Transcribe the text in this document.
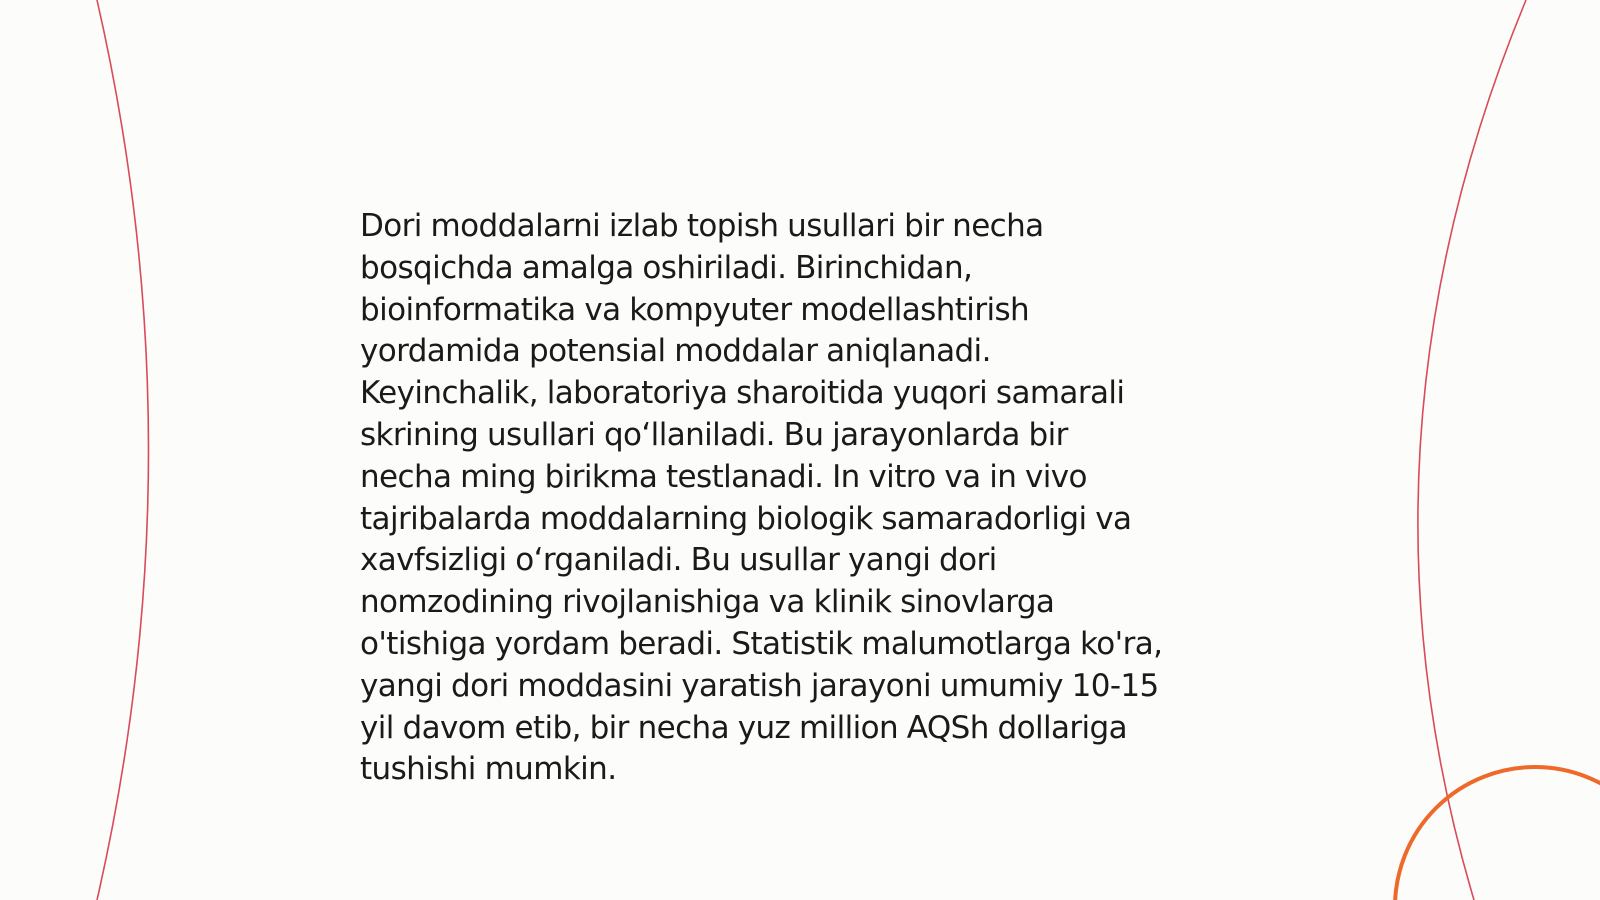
Dori moddalarni izlab topish usullari bir necha
bosqichda amalga oshiriladi. Birinchidan,
bioinformatika va kompyuter modellashtirish
yordamida potensial moddalar aniqlanadi.
Keyinchalik, laboratoriya sharoitida yuqori samarali
skrining usullari qo‘llaniladi. Bu jarayonlarda bir
necha ming birikma testlanadi. In vitro va in vivo
tajribalarda moddalarning biologik samaradorligi va
xavfsizligi o‘rganiladi. Bu usullar yangi dori
nomzodining rivojlanishiga va klinik sinovlarga
o'tishiga yordam beradi. Statistik malumotlarga ko'ra,
yangi dori moddasini yaratish jarayoni umumiy 10-15
yil davom etib, bir necha yuz million AQSh dollariga
tushishi mumkin.
